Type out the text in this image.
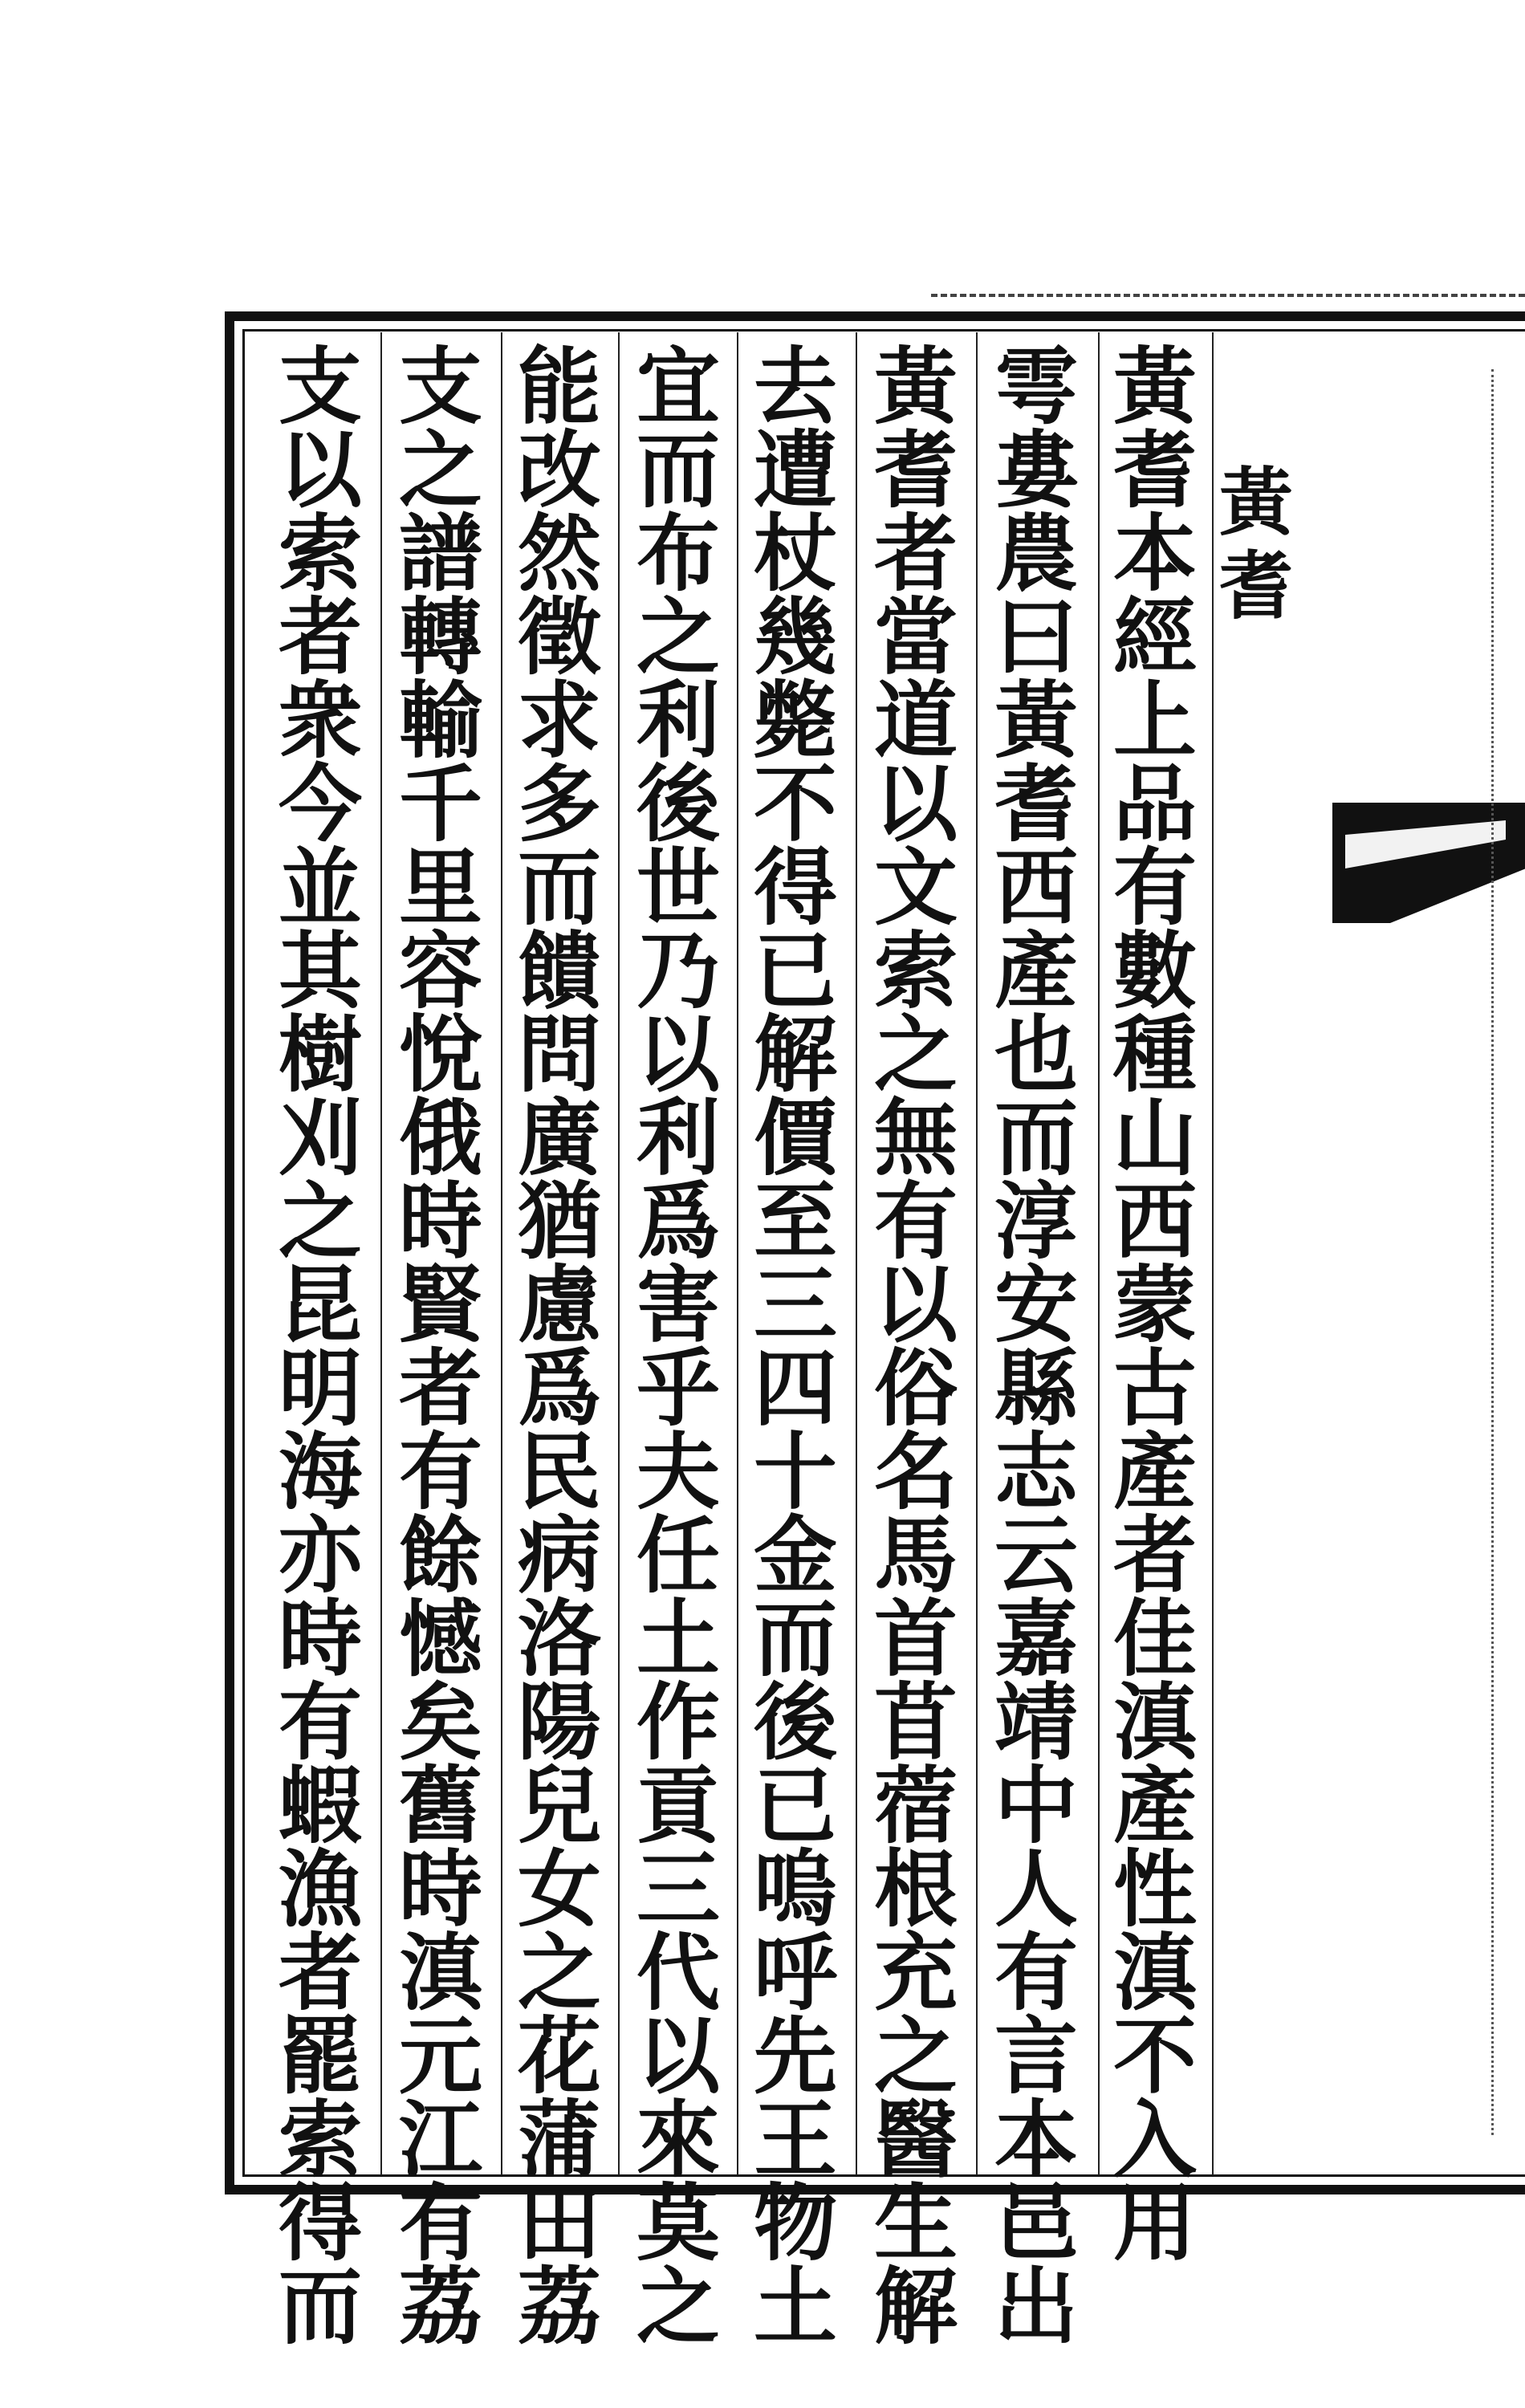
黃
耆
黃
耆
本
經
上
品
有
數
種
山
西
蒙
古
產
者
佳
滇
產
性
滇
不
入
用
雩
婁
農
曰
黃
耆
西
產
也
而
淳
安
縣
志
云
嘉
靖
中
人
有
言
本
邑
出
黃
耆
者
當
道
以
文
索
之
無
有
以
俗
名
馬
首
苜
蓿
根
充
之
醫
生
解
去
遭
杖
幾
斃
不
得
已
解
價
至
三
四
十
金
而
後
已
嗚
呼
先
王
物
土
宜
而
布
之
利
後
世
乃
以
利
爲
害
乎
夫
任
土
作
貢
三
代
以
來
莫
之
能
改
然
徵
求
多
而
饋
問
廣
猶
慮
爲
民
病
洛
陽
兒
女
之
花
蒲
田
荔
支
之
譜
轉
輸
千
里
容
悅
俄
時
賢
者
有
餘
憾
矣
舊
時
滇
元
江
有
荔
支
以
索
者
衆
今
並
其
樹
刈
之
昆
明
海
亦
時
有
蝦
漁
者
罷
索
得
而
